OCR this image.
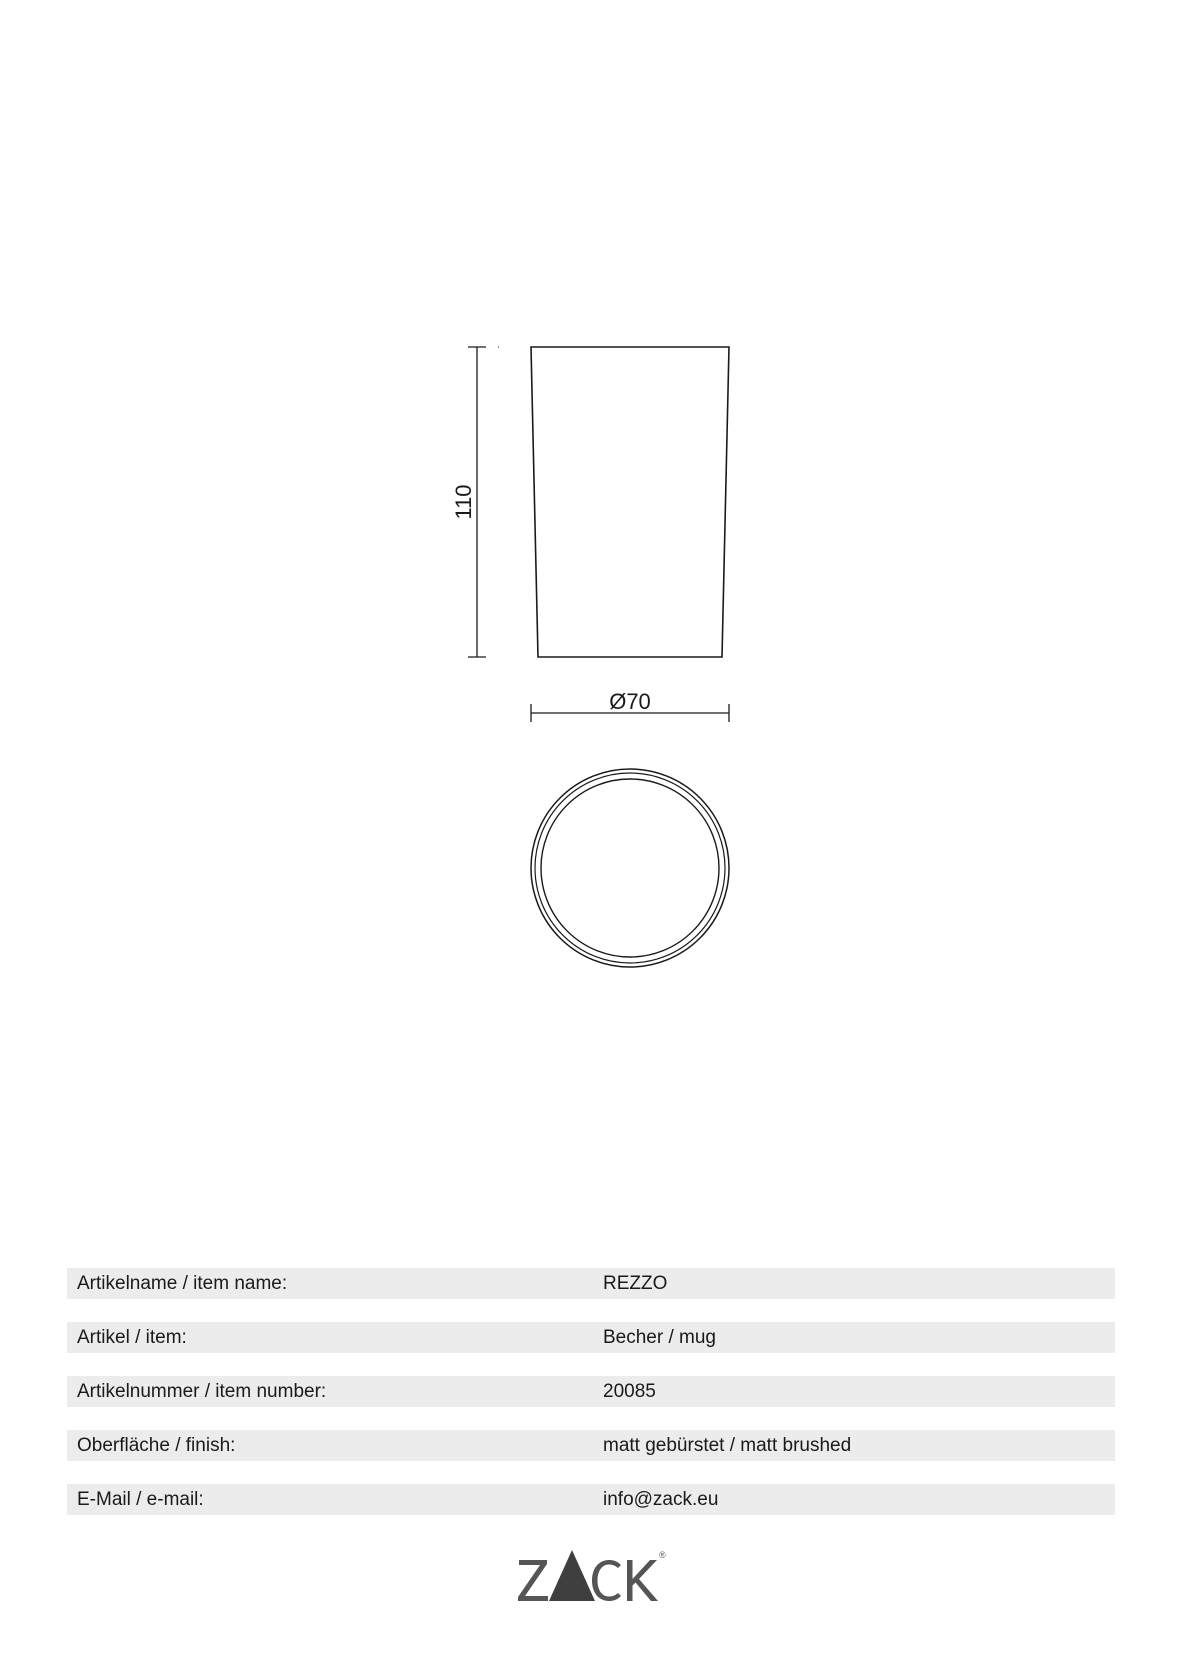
110
Ø70
Artikelname / item name:	REZZO
Artikel / item:	Becher / mug
Artikelnummer / item number:	20085
Oberfläche / finish:	matt gebürstet / matt brushed
E-Mail / e-mail:	info@zack.eu
®
